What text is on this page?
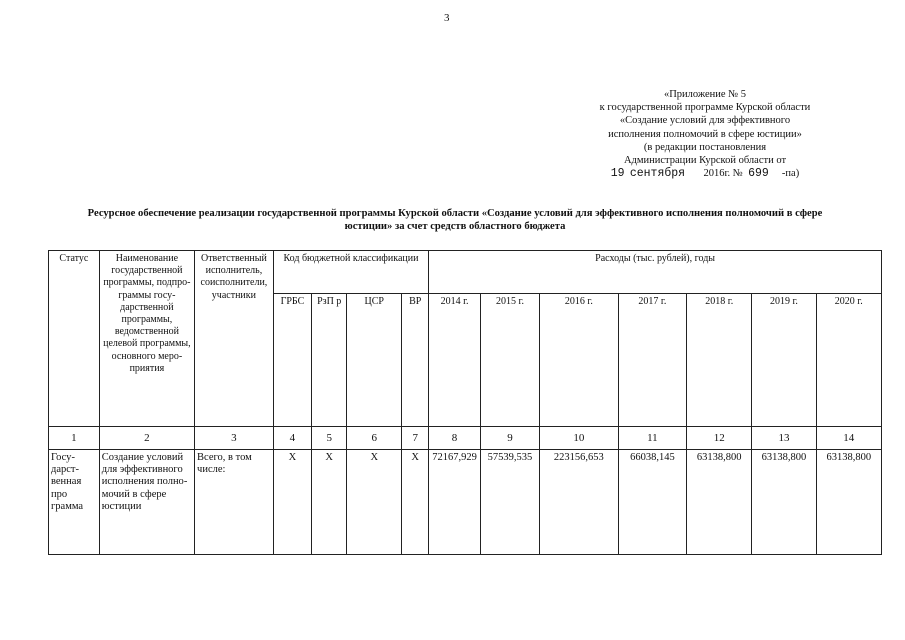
3
«Приложение № 5
к государственной программе Курской области
«Создание условий для эффективного
исполнения полномочий в сфере юстиции»
(в редакции постановления
Администрации Курской области от
19 сентября 2016г. № 699 -па)
Ресурсное обеспечение реализации государственной программы Курской области «Создание условий для эффективного исполнения полномочий в сфере юстиции» за счет средств областного бюджета
Статус	Наименование государственной программы, подпрограммы государственной программы, ведомственной целевой программы, основного мероприятия	Ответственный исполнитель, соисполнители, участники	Код бюджетной классификации				Расходы (тыс. рублей), годы						
			ГРБС	РзП р	ЦСР	ВР	2014 г.	2015 г.	2016 г.	2017 г.	2018 г.	2019 г.	2020 г.
1	2	3	4	5	6	7	8	9	10	11	12	13	14
Государственная про грамма	Создание условий для эффективного исполнения полномочий в сфере юстиции	Всего, в том числе:	X	X	X	X	72167,929	57539,535	223156,653	66038,145	63138,800	63138,800	63138,800
